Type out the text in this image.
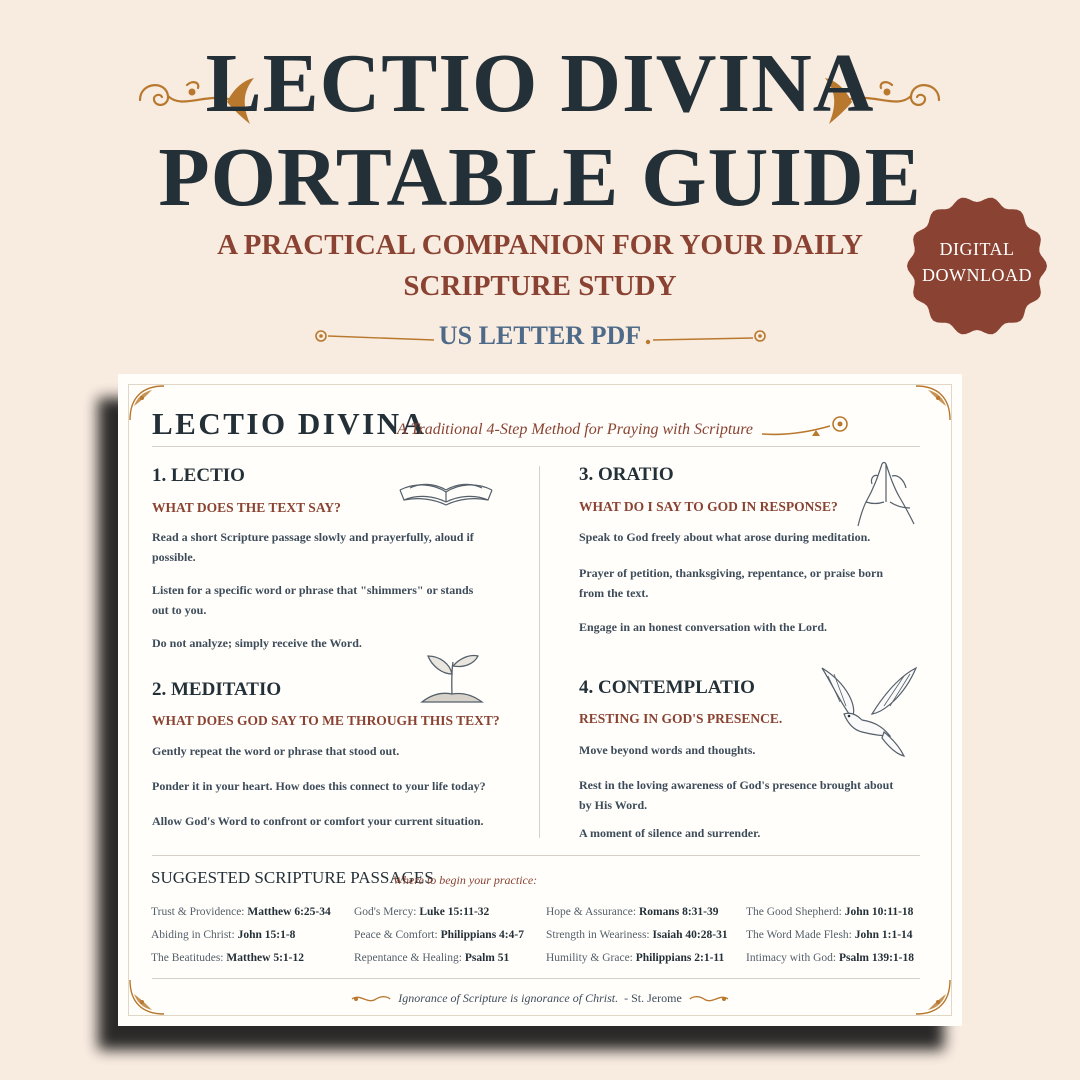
LECTIO DIVINA
PORTABLE GUIDE
A PRACTICAL COMPANION FOR YOUR DAILY
SCRIPTURE STUDY
US LETTER PDF
DIGITAL
DOWNLOAD
LECTIO DIVINA
A Traditional 4-Step Method for Praying with Scripture
1. LECTIO
WHAT DOES THE TEXT SAY?
Read a short Scripture passage slowly and prayerfully, aloud if possible.
Listen for a specific word or phrase that "shimmers" or stands out to you.
Do not analyze; simply receive the Word.
2. MEDITATIO
WHAT DOES GOD SAY TO ME THROUGH THIS TEXT?
Gently repeat the word or phrase that stood out.
Ponder it in your heart. How does this connect to your life today?
Allow God's Word to confront or comfort your current situation.
3. ORATIO
WHAT DO I SAY TO GOD IN RESPONSE?
Speak to God freely about what arose during meditation.
Prayer of petition, thanksgiving, repentance, or praise born from the text.
Engage in an honest conversation with the Lord.
4. CONTEMPLATIO
RESTING IN GOD'S PRESENCE.
Move beyond words and thoughts.
Rest in the loving awareness of God's presence brought about by His Word.
A moment of silence and surrender.
SUGGESTED SCRIPTURE PASSAGES
Where to begin your practice:
Trust & Providence: Matthew 6:25-34
Abiding in Christ: John 15:1-8
The Beatitudes: Matthew 5:1-12
God's Mercy: Luke 15:11-32
Peace & Comfort: Philippians 4:4-7
Repentance & Healing: Psalm 51
Hope & Assurance: Romans 8:31-39
Strength in Weariness: Isaiah 40:28-31
Humility & Grace: Philippians 2:1-11
The Good Shepherd: John 10:11-18
The Word Made Flesh: John 1:1-14
Intimacy with God: Psalm 139:1-18
Ignorance of Scripture is ignorance of Christ. - St. Jerome
